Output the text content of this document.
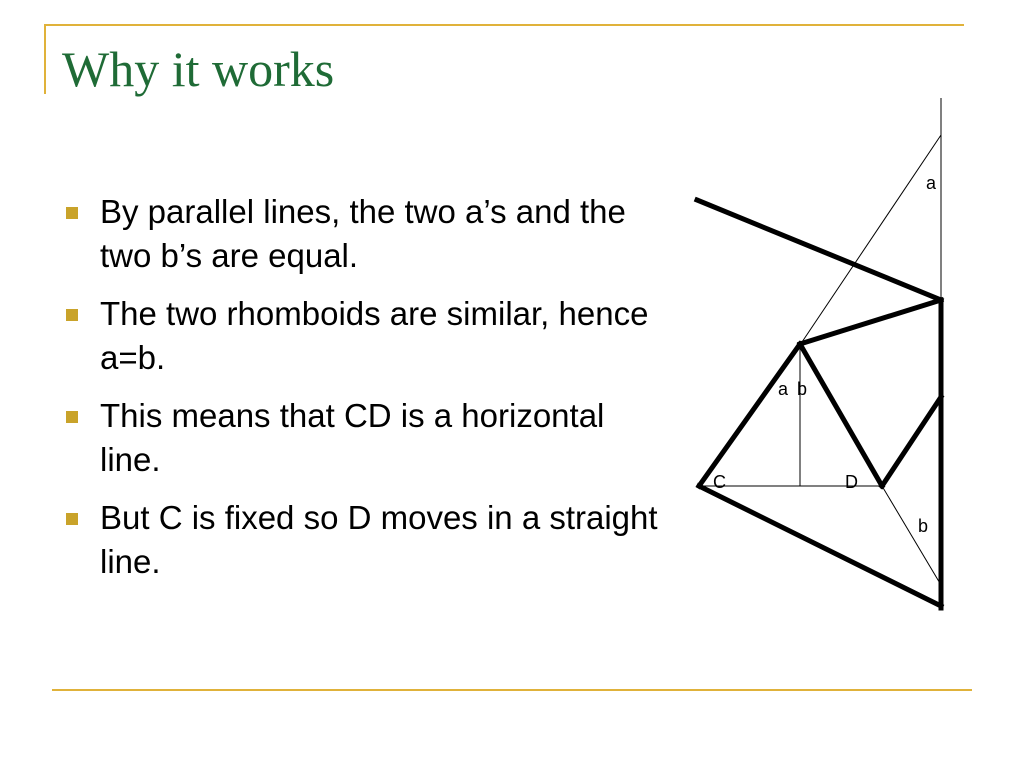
Why it works
By parallel lines, the two a’s and the two b’s are equal.
The two rhomboids are similar, hence a=b.
This means that CD is a horizontal line.
But C is fixed so D moves in a straight line.
a
a b
C	D
b
